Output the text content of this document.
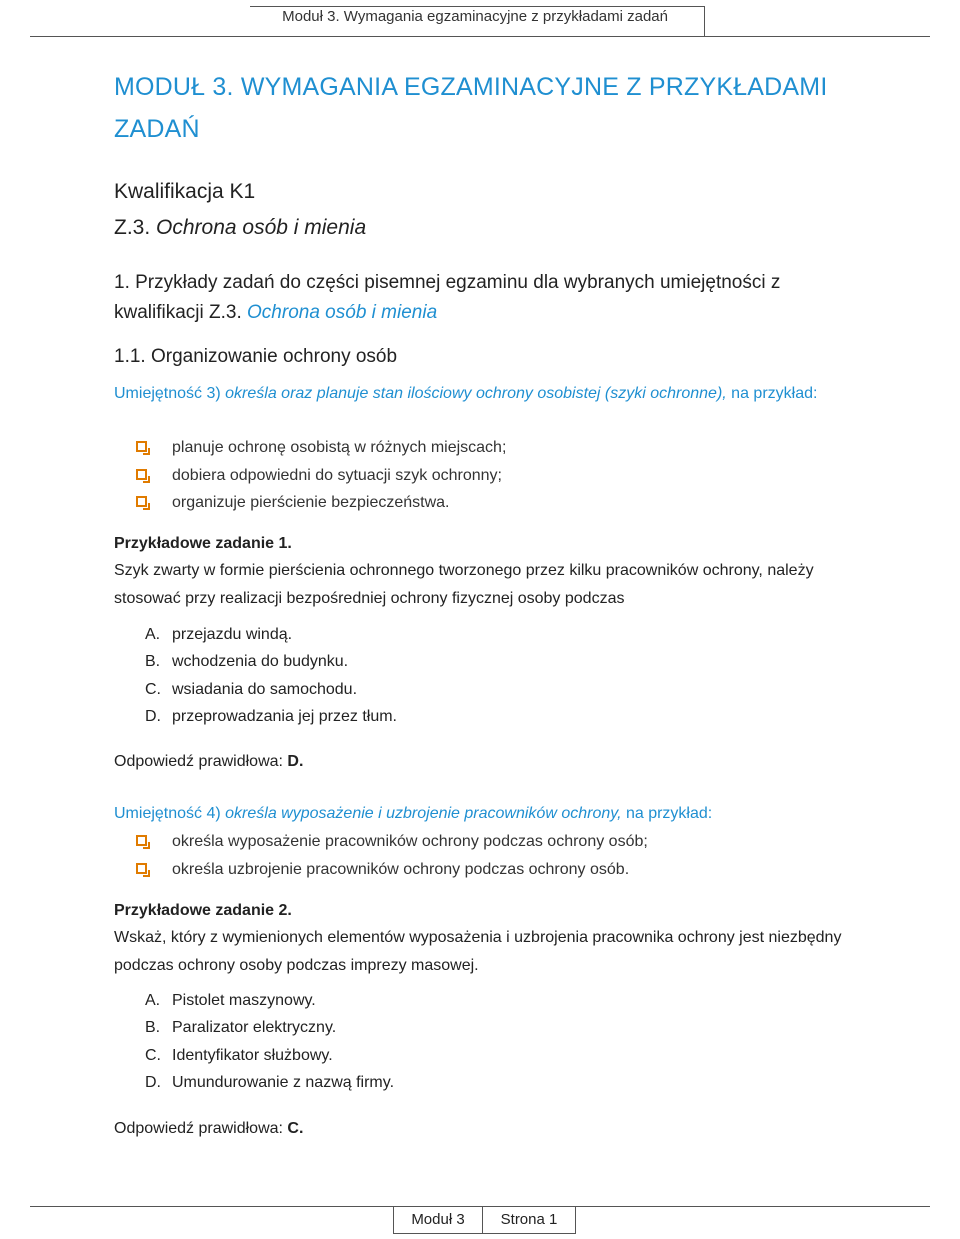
Moduł 3. Wymagania egzaminacyjne z przykładami zadań
MODUŁ 3. WYMAGANIA EGZAMINACYJNE Z PRZYKŁADAMI
ZADAŃ
Kwalifikacja K1
Z.3. Ochrona osób i mienia
1. Przykłady zadań do części pisemnej egzaminu dla wybranych umiejętności z kwalifikacji Z.3. Ochrona osób i mienia
1.1. Organizowanie ochrony osób
Umiejętność 3) określa oraz planuje stan ilościowy ochrony osobistej (szyki ochronne), na przykład:
planuje ochronę osobistą w różnych miejscach;
dobiera odpowiedni do sytuacji szyk ochronny;
organizuje pierścienie bezpieczeństwa.
Przykładowe zadanie 1.
Szyk zwarty w formie pierścienia ochronnego tworzonego przez kilku pracowników ochrony, należy stosować przy realizacji bezpośredniej ochrony fizycznej osoby podczas
A. przejazdu windą.
B. wchodzenia do budynku.
C. wsiadania do samochodu.
D. przeprowadzania jej przez tłum.
Odpowiedź prawidłowa: D.
Umiejętność 4) określa wyposażenie i uzbrojenie pracowników ochrony, na przykład:
określa wyposażenie pracowników ochrony podczas ochrony osób;
określa uzbrojenie pracowników ochrony podczas ochrony osób.
Przykładowe zadanie 2.
Wskaż, który z wymienionych elementów wyposażenia i uzbrojenia pracownika ochrony jest niezbędny podczas ochrony osoby podczas imprezy masowej.
A. Pistolet maszynowy.
B. Paralizator elektryczny.
C. Identyfikator służbowy.
D. Umundurowanie z nazwą firmy.
Odpowiedź prawidłowa: C.
Moduł 3	Strona 1
